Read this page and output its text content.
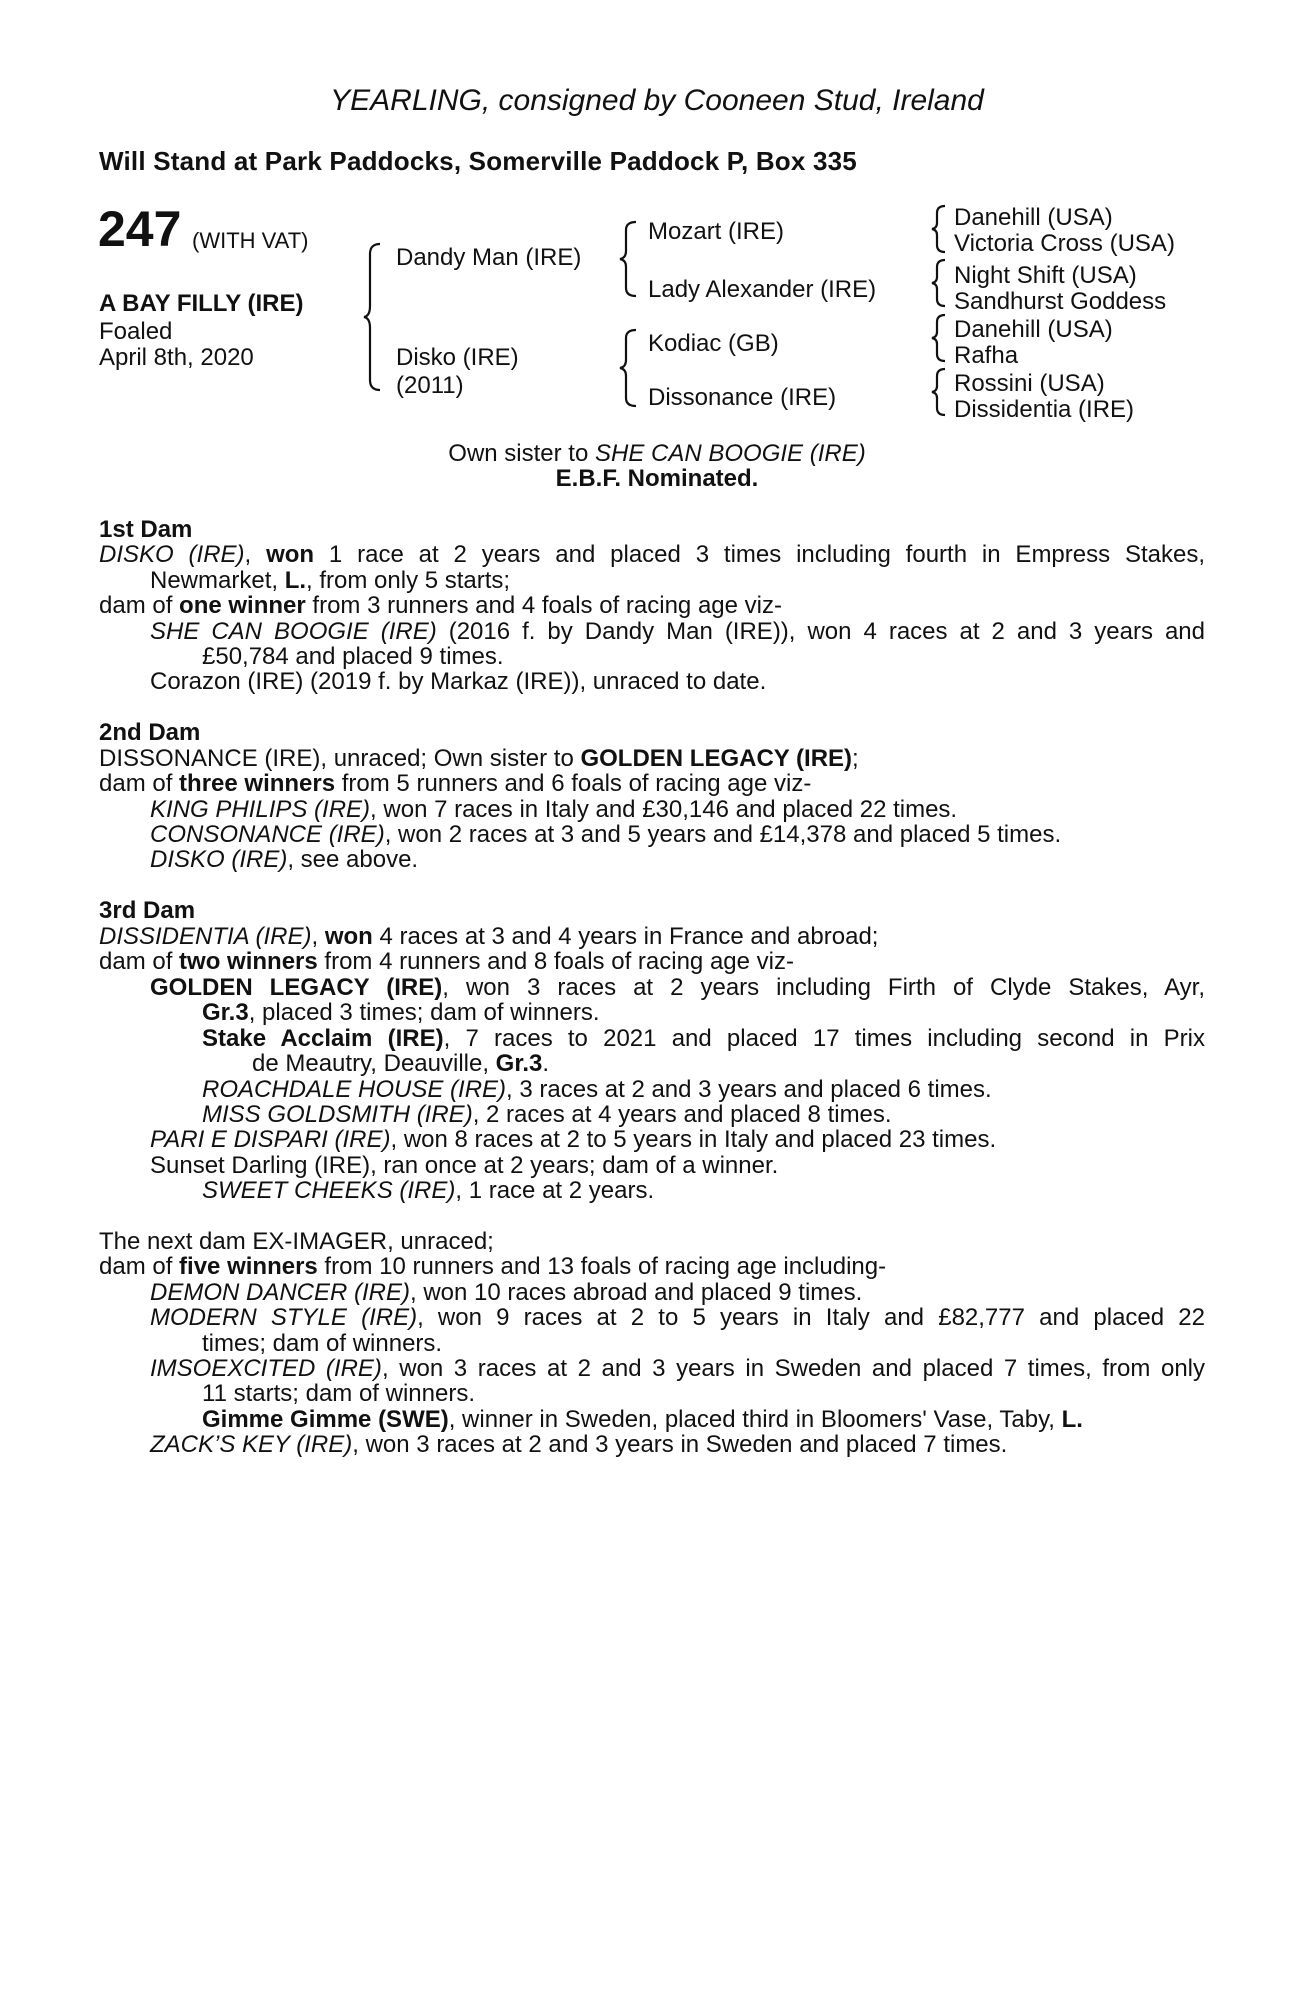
YEARLING, consigned by Cooneen Stud, Ireland
Will Stand at Park Paddocks, Somerville Paddock P, Box 335
247 (WITH VAT)
A BAY FILLY (IRE)
Foaled
April 8th, 2020
Dandy Man (IRE)
Disko (IRE)
(2011)
Mozart (IRE)
Lady Alexander (IRE)
Kodiac (GB)
Dissonance (IRE)
Danehill (USA)
Victoria Cross (USA)
Night Shift (USA)
Sandhurst Goddess
Danehill (USA)
Rafha
Rossini (USA)
Dissidentia (IRE)
Own sister to SHE CAN BOOGIE (IRE)
E.B.F. Nominated.
1st Dam
DISKO (IRE), won 1 race at 2 years and placed 3 times including fourth in Empress Stakes,
Newmarket, L., from only 5 starts;
dam of one winner from 3 runners and 4 foals of racing age viz-
SHE CAN BOOGIE (IRE) (2016 f. by Dandy Man (IRE)), won 4 races at 2 and 3 years and
£50,784 and placed 9 times.
Corazon (IRE) (2019 f. by Markaz (IRE)), unraced to date.
2nd Dam
DISSONANCE (IRE), unraced; Own sister to GOLDEN LEGACY (IRE);
dam of three winners from 5 runners and 6 foals of racing age viz-
KING PHILIPS (IRE), won 7 races in Italy and £30,146 and placed 22 times.
CONSONANCE (IRE), won 2 races at 3 and 5 years and £14,378 and placed 5 times.
DISKO (IRE), see above.
3rd Dam
DISSIDENTIA (IRE), won 4 races at 3 and 4 years in France and abroad;
dam of two winners from 4 runners and 8 foals of racing age viz-
GOLDEN LEGACY (IRE), won 3 races at 2 years including Firth of Clyde Stakes, Ayr,
Gr.3, placed 3 times; dam of winners.
Stake Acclaim (IRE), 7 races to 2021 and placed 17 times including second in Prix
de Meautry, Deauville, Gr.3.
ROACHDALE HOUSE (IRE), 3 races at 2 and 3 years and placed 6 times.
MISS GOLDSMITH (IRE), 2 races at 4 years and placed 8 times.
PARI E DISPARI (IRE), won 8 races at 2 to 5 years in Italy and placed 23 times.
Sunset Darling (IRE), ran once at 2 years; dam of a winner.
SWEET CHEEKS (IRE), 1 race at 2 years.
The next dam EX-IMAGER, unraced;
dam of five winners from 10 runners and 13 foals of racing age including-
DEMON DANCER (IRE), won 10 races abroad and placed 9 times.
MODERN STYLE (IRE), won 9 races at 2 to 5 years in Italy and £82,777 and placed 22
times; dam of winners.
IMSOEXCITED (IRE), won 3 races at 2 and 3 years in Sweden and placed 7 times, from only
11 starts; dam of winners.
Gimme Gimme (SWE), winner in Sweden, placed third in Bloomers' Vase, Taby, L.
ZACK’S KEY (IRE), won 3 races at 2 and 3 years in Sweden and placed 7 times.
